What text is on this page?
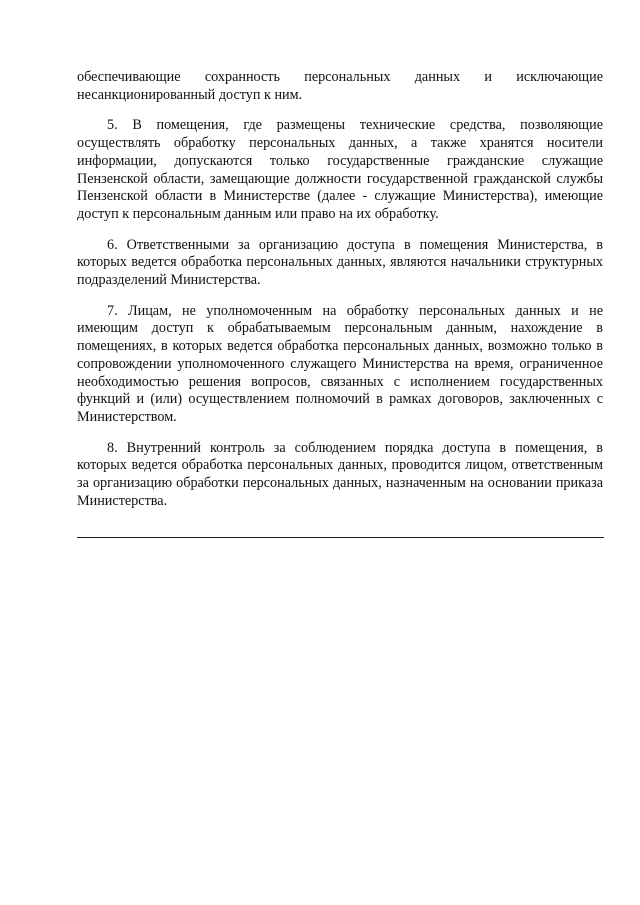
обеспечивающие сохранность персональных данных и исключающие несанкционированный доступ к ним.

5. В помещения, где размещены технические средства, позволяющие осуществлять обработку персональных данных, а также хранятся носители информации, допускаются только государственные гражданские служащие Пензенской области, замещающие должности государственной гражданской службы Пензенской области в Министерстве (далее - служащие Министерства), имеющие доступ к персональным данным или право на их обработку.

6. Ответственными за организацию доступа в помещения Министерства, в которых ведется обработка персональных данных, являются начальники структурных подразделений Министерства.

7. Лицам, не уполномоченным на обработку персональных данных и не имеющим доступ к обрабатываемым персональным данным, нахождение в помещениях, в которых ведется обработка персональных данных, возможно только в сопровождении уполномоченного служащего Министерства на время, ограниченное необходимостью решения вопросов, связанных с исполнением государственных функций и (или) осуществлением полномочий в рамках договоров, заключенных с Министерством.

8. Внутренний контроль за соблюдением порядка доступа в помещения, в которых ведется обработка персональных данных, проводится лицом, ответственным за организацию обработки персональных данных, назначенным на основании приказа Министерства.
